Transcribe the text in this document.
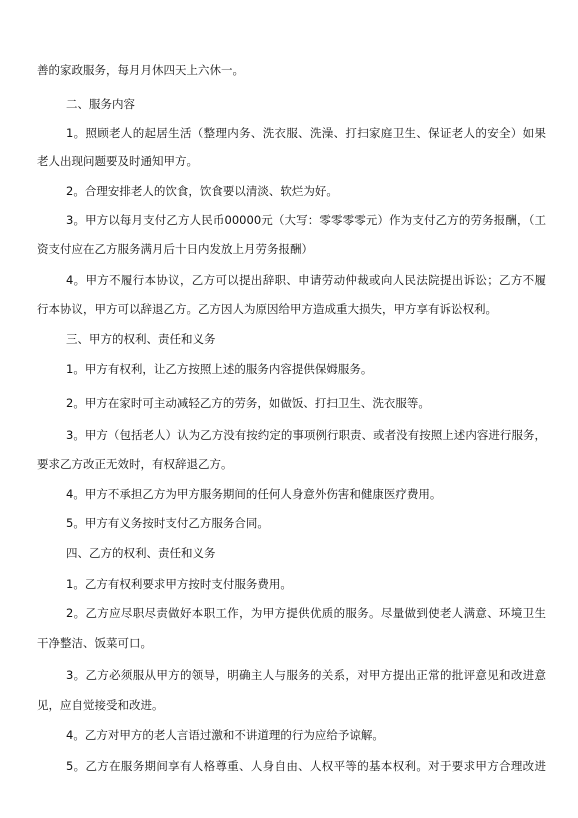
善的家政服务，每月月休四天上六休一。
二、服务内容
1。照顾老人的起居生活（整理内务、洗衣服、洗澡、打扫家庭卫生、保证老人的安全）如果
老人出现问题要及时通知甲方。
2。合理安排老人的饮食，饮食要以清淡、软烂为好。
3。甲方以每月支付乙方人民币00000元（大写：零零零零元）作为支付乙方的劳务报酬，（工
资支付应在乙方服务满月后十日内发放上月劳务报酬）
4。甲方不履行本协议，乙方可以提出辞职、申请劳动仲裁或向人民法院提出诉讼；乙方不履
行本协议，甲方可以辞退乙方。乙方因人为原因给甲方造成重大损失，甲方享有诉讼权利。
三、甲方的权利、责任和义务
1。甲方有权利，让乙方按照上述的服务内容提供保姆服务。
2。甲方在家时可主动减轻乙方的劳务，如做饭、打扫卫生、洗衣服等。
3。甲方（包括老人）认为乙方没有按约定的事项例行职责、或者没有按照上述内容进行服务，
要求乙方改正无效时，有权辞退乙方。
4。甲方不承担乙方为甲方服务期间的任何人身意外伤害和健康医疗费用。
5。甲方有义务按时支付乙方服务合同。
四、乙方的权利、责任和义务
1。乙方有权利要求甲方按时支付服务费用。
2。乙方应尽职尽责做好本职工作，为甲方提供优质的服务。尽量做到使老人满意、环境卫生
干净整洁、饭菜可口。
3。乙方必须服从甲方的领导，明确主人与服务的关系，对甲方提出正常的批评意见和改进意
见，应自觉接受和改进。
4。乙方对甲方的老人言语过激和不讲道理的行为应给予谅解。
5。乙方在服务期间享有人格尊重、人身自由、人权平等的基本权利。对于要求甲方合理改进
